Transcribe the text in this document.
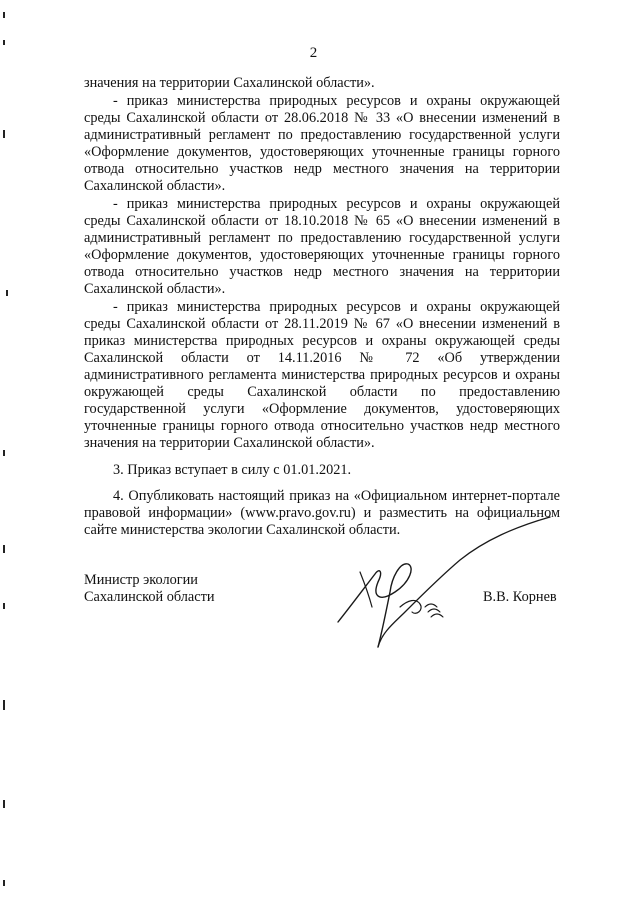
2
значения на территории Сахалинской области».
- приказ министерства природных ресурсов и охраны окружающей
среды Сахалинской области от 28.06.2018 № 33 «О внесении изменений в
административный регламент по предоставлению государственной услуги
«Оформление документов, удостоверяющих уточненные границы горного
отвода относительно участков недр местного значения на территории
Сахалинской области».
- приказ министерства природных ресурсов и охраны окружающей
среды Сахалинской области от 18.10.2018 № 65 «О внесении изменений в
административный регламент по предоставлению государственной услуги
«Оформление документов, удостоверяющих уточненные границы горного
отвода относительно участков недр местного значения на территории
Сахалинской области».
- приказ министерства природных ресурсов и охраны окружающей
среды Сахалинской области от 28.11.2019 № 67 «О внесении изменений в
приказ министерства природных ресурсов и охраны окружающей среды
Сахалинской области от 14.11.2016 № 72 «Об утверждении
административного регламента министерства природных ресурсов и охраны
окружающей среды Сахалинской области по предоставлению
государственной услуги «Оформление документов, удостоверяющих
уточненные границы горного отвода относительно участков недр местного
значения на территории Сахалинской области».
3. Приказ вступает в силу с 01.01.2021.
4. Опубликовать настоящий приказ на «Официальном интернет-портале
правовой информации» (www.pravo.gov.ru) и разместить на официальном
сайте министерства экологии Сахалинской области.
Министр экологии
Сахалинской области	В.В. Корнев
